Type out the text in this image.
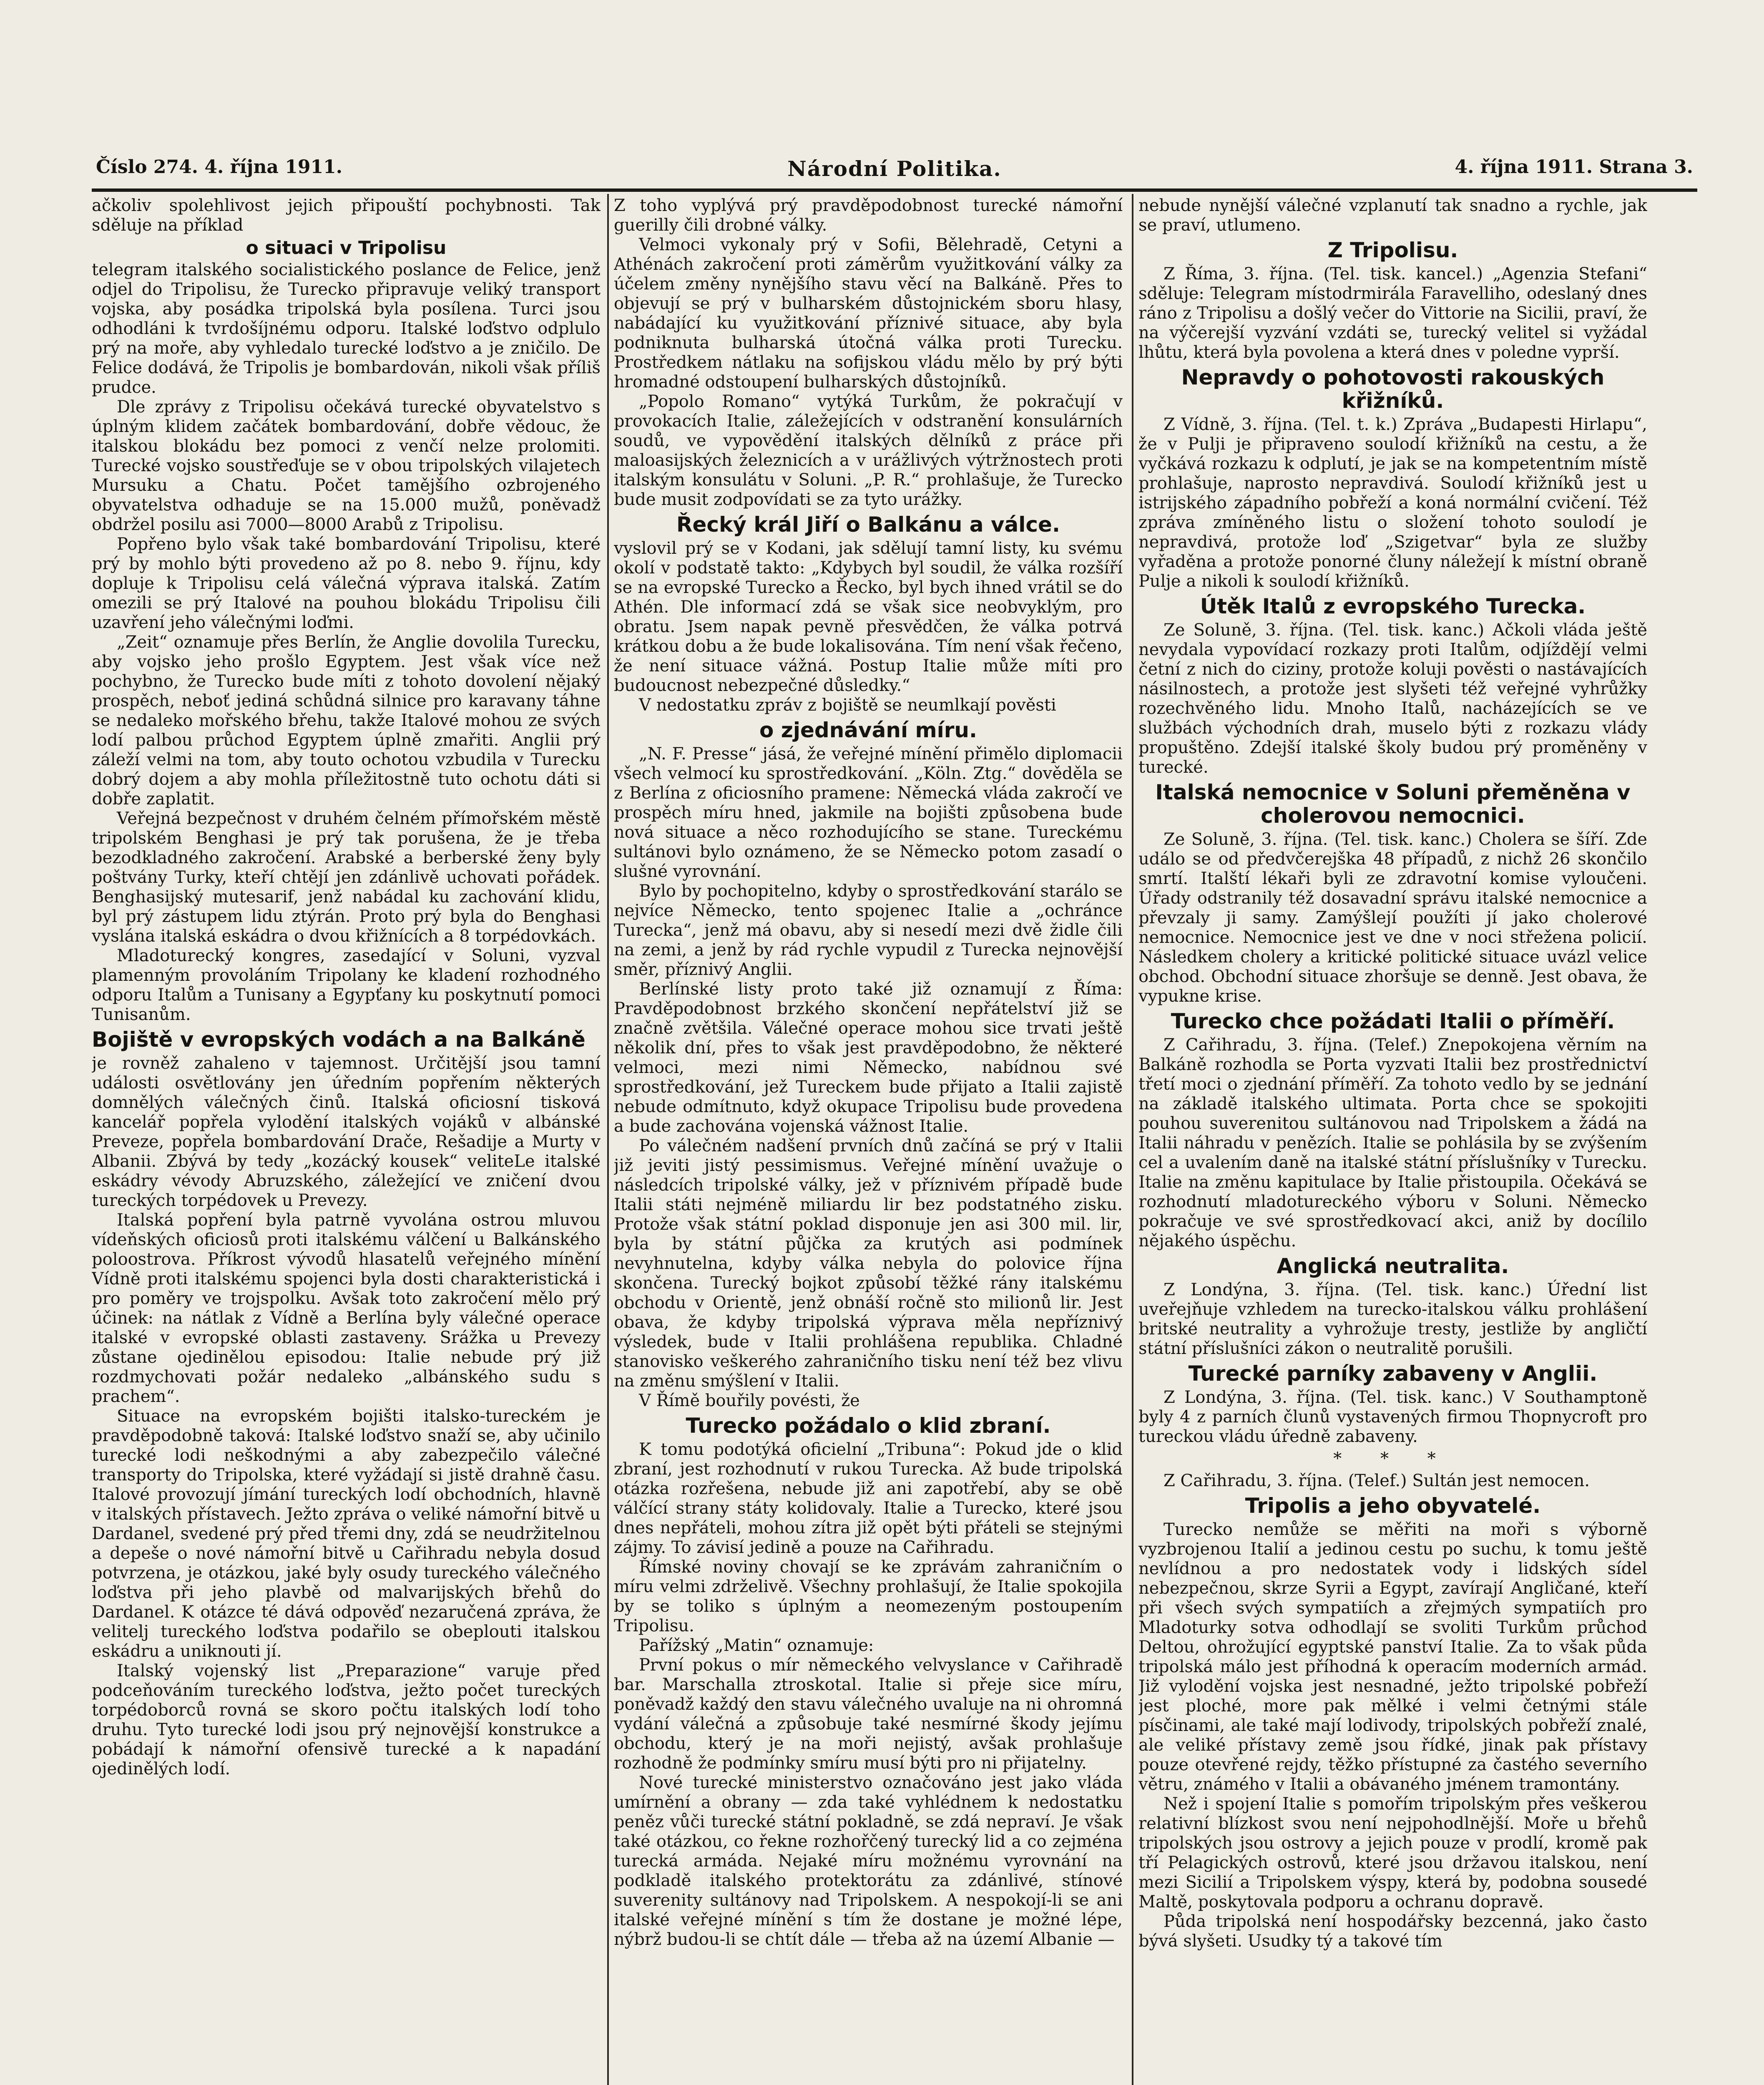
Číslo 274. 4. října 1911.	Národní Politika.	4. října 1911. Strana 3.

ačkoliv spolehlivost jejich připouští pochybnosti. Tak sděluje na příklad

o situaci v Tripolisu

telegram italského socialistického poslance de Felice, jenž odjel do Tripolisu, že Turecko připravuje veliký transport vojska, aby posádka tripolská byla posílena. Turci jsou odhodláni k tvrdošíjnému odporu. Italské loďstvo odplulo prý na moře, aby vyhledalo turecké loďstvo a je zničilo. De Felice dodává, že Tripolis je bombardován, nikoli však příliš prudce.

Dle zprávy z Tripolisu očekává turecké obyvatelstvo s úplným klidem začátek bombardování, dobře vědouc, že italskou blokádu bez pomoci z venčí nelze prolomiti. Turecké vojsko soustřeďuje se v obou tripolských vilajetech Mursuku a Chatu. Počet tamějšího ozbrojeného obyvatelstva odhaduje se na 15.000 mužů, poněvadž obdržel posilu asi 7000—8000 Arabů z Tripolisu.

Popřeno bylo však také bombardování Tripolisu, které prý by mohlo býti provedeno až po 8. nebo 9. říjnu, kdy dopluje k Tripolisu celá válečná výprava italská. Zatím omezili se prý Italové na pouhou blokádu Tripolisu čili uzavření jeho válečnými loďmi.

„Zeit“ oznamuje přes Berlín, že Anglie dovolila Turecku, aby vojsko jeho prošlo Egyptem. Jest však více než pochybno, že Turecko bude míti z tohoto dovolení nějaký prospěch, neboť jediná schůdná silnice pro karavany táhne se nedaleko mořského břehu, takže Italové mohou ze svých lodí palbou průchod Egyptem úplně zmařiti. Anglii prý záleží velmi na tom, aby touto ochotou vzbudila v Turecku dobrý dojem a aby mohla příležitostně tuto ochotu dáti si dobře zaplatit.

Veřejná bezpečnost v druhém čelném přímořském městě tripolském Benghasi je prý tak porušena, že je třeba bezodkladného zakročení. Arabské a berberské ženy byly poštvány Turky, kteří chtějí jen zdánlivě uchovati pořádek. Benghasijský mutesarif, jenž nabádal ku zachování klidu, byl prý zástupem lidu ztýrán. Proto prý byla do Benghasi vyslána italská eskádra o dvou křižnících a 8 torpédovkách.

Mladoturecký kongres, zasedající v Soluni, vyzval plamenným provoláním Tripolany ke kladení rozhodného odporu Italům a Tunisany a Egypťany ku poskytnutí pomoci Tunisanům.

Bojiště v evropských vodách a na Balkáně

je rovněž zahaleno v tajemnost. Určitější jsou tamní události osvětlovány jen úředním popřením některých domnělých válečných činů. Italská oficiosní tisková kancelář popřela vylodění italských vojáků v albánské Preveze, popřela bombardování Drače, Rešadije a Murty v Albanii. Zbývá by tedy „kozácký kousek“ veliteLe italské eskádry vévody Abruzského, záležející ve zničení dvou tureckých torpédovek u Prevezy.

Italská popření byla patrně vyvolána ostrou mluvou vídeňských oficiosů proti italskému válčení u Balkánského poloostrova. Příkrost vývodů hlasatelů veřejného mínění Vídně proti italskému spojenci byla dosti charakteristická i pro poměry ve trojspolku. Avšak toto zakročení mělo prý účinek: na nátlak z Vídně a Berlína byly válečné operace italské v evropské oblasti zastaveny. Srážka u Prevezy zůstane ojedinělou episodou: Italie nebude prý již rozdmychovati požár nedaleko „albánského sudu s prachem“.

Situace na evropském bojišti italsko-tureckém je pravděpodobně taková: Italské loďstvo snaží se, aby učinilo turecké lodi neškodnými a aby zabezpečilo válečné transporty do Tripolska, které vyžádají si jistě drahně času. Italové provozují jímání tureckých lodí obchodních, hlavně v italských přístavech. Ježto zpráva o veliké námořní bitvě u Dardanel, svedené prý před třemi dny, zdá se neudržitelnou a depeše o nové námořní bitvě u Cařihradu nebyla dosud potvrzena, je otázkou, jaké byly osudy tureckého válečného loďstva při jeho plavbě od malvarijských břehů do Dardanel. K otázce té dává odpověď nezaručená zpráva, že velitelj tureckého loďstva podařilo se obeplouti italskou eskádru a uniknouti jí.

Italský vojenský list „Preparazione“ varuje před podceňováním tureckého loďstva, ježto počet tureckých torpédoborců rovná se skoro počtu italských lodí toho druhu. Tyto turecké lodi jsou prý nejnovější konstrukce a pobádají k námořní ofensivě turecké a k napadání ojedinělých lodí.

Z toho vyplývá prý pravděpodobnost turecké námořní guerilly čili drobné války.

Velmoci vykonaly prý v Sofii, Bělehradě, Cetyni a Athénách zakročení proti záměrům využitkování války za účelem změny nynějšího stavu věcí na Balkáně. Přes to objevují se prý v bulharském důstojnickém sboru hlasy, nabádající ku využitkování příznivé situace, aby byla podniknuta bulharská útočná válka proti Turecku. Prostředkem nátlaku na sofijskou vládu mělo by prý býti hromadné odstoupení bulharských důstojníků.

„Popolo Romano“ vytýká Turkům, že pokračují v provokacích Italie, záležejících v odstranění konsulárních soudů, ve vypovědění italských dělníků z práce při maloasijských železnicích a v urážlivých výtržnostech proti italským konsulátu v Soluni. „P. R.“ prohlašuje, že Turecko bude musit zodpovídati se za tyto urážky.

Řecký král Jiří o Balkánu a válce.

vyslovil prý se v Kodani, jak sdělují tamní listy, ku svému okolí v podstatě takto: „Kdybych byl soudil, že válka rozšíří se na evropské Turecko a Řecko, byl bych ihned vrátil se do Athén. Dle informací zdá se však sice neobvyklým, pro obratu. Jsem napak pevně přesvědčen, že válka potrvá krátkou dobu a že bude lokalisována. Tím není však řečeno, že není situace vážná. Postup Italie může míti pro budoucnost nebezpečné důsledky.“

V nedostatku zpráv z bojiště se neumlkají pověsti

o zjednávání míru.

„N. F. Presse“ jásá, že veřejné mínění přimělo diplomacii všech velmocí ku sprostředkování. „Köln. Ztg.“ dověděla se z Berlína z oficiosního pramene: Německá vláda zakročí ve prospěch míru hned, jakmile na bojišti způsobena bude nová situace a něco rozhodujícího se stane. Tureckému sultánovi bylo oznámeno, že se Německo potom zasadí o slušné vyrovnání.

Bylo by pochopitelno, kdyby o sprostředkování starálo se nejvíce Německo, tento spojenec Italie a „ochránce Turecka“, jenž má obavu, aby si nesedí mezi dvě židle čili na zemi, a jenž by rád rychle vypudil z Turecka nejnovější směr, příznivý Anglii.

Berlínské listy proto také již oznamují z Říma: Pravděpodobnost brzkého skončení nepřátelství již se značně zvětšila. Válečné operace mohou sice trvati ještě několik dní, přes to však jest pravděpodobno, že některé velmoci, mezi nimi Německo, nabídnou své sprostředkování, jež Tureckem bude přijato a Italii zajistě nebude odmítnuto, když okupace Tripolisu bude provedena a bude zachována vojenská vážnost Italie.

Po válečném nadšení prvních dnů začíná se prý v Italii již jeviti jistý pessimismus. Veřejné mínění uvažuje o následcích tripolské války, jež v příznivém případě bude Italii státi nejméně miliardu lir bez podstatného zisku. Protože však státní poklad disponuje jen asi 300 mil. lir, byla by státní půjčka za krutých asi podmínek nevyhnutelna, kdyby válka nebyla do polovice října skončena. Turecký bojkot způsobí těžké rány italskému obchodu v Orientě, jenž obnáší ročně sto milionů lir. Jest obava, že kdyby tripolská výprava měla nepříznivý výsledek, bude v Italii prohlášena republika. Chladné stanovisko veškerého zahraničního tisku není též bez vlivu na změnu smýšlení v Italii.

V Římě bouřily povésti, že

Turecko požádalo o klid zbraní.

K tomu podotýká oficielní „Tribuna“: Pokud jde o klid zbraní, jest rozhodnutí v rukou Turecka. Až bude tripolská otázka rozřešena, nebude již ani zapotřebí, aby se obě válčící strany státy kolidovaly. Italie a Turecko, které jsou dnes nepřáteli, mohou zítra již opět býti přáteli se stejnými zájmy. To závisí jedině a pouze na Cařihradu.

Římské noviny chovají se ke zprávám zahraničním o míru velmi zdrželivě. Všechny prohlašují, že Italie spokojila by se toliko s úplným a neomezeným postoupením Tripolisu.

Pařížský „Matin“ oznamuje:

První pokus o mír německého velvyslance v Cařihradě bar. Marschalla ztroskotal. Italie si přeje sice míru, poněvadž každý den stavu válečného uvaluje na ni ohromná vydání válečná a způsobuje také nesmírné škody jejímu obchodu, který je na moři nejistý, avšak prohlašuje rozhodně že podmínky smíru musí býti pro ni přijatelny.

Nové turecké ministerstvo označováno jest jako vláda umírnění a obrany — zda také vyhlédnem k nedostatku peněz vůči turecké státní pokladně, se zdá nepraví. Je však také otázkou, co řekne rozhořčený turecký lid a co zejména turecká armáda. Nejaké míru možnému vyrovnání na podkladě italského protektorátu za zdánlivé, stínové suverenity sultánovy nad Tripolskem. A nespokojí-li se ani italské veřejné mínění s tím že dostane je možné lépe, nýbrž budou-li se chtít dále — třeba až na území Albanie —

nebude nynější válečné vzplanutí tak snadno a rychle, jak se praví, utlumeno.

Z Tripolisu.

Z Říma, 3. října. (Tel. tisk. kancel.) „Agenzia Stefani“ sděluje: Telegram místodrmirála Faravelliho, odeslaný dnes ráno z Tripolisu a došlý večer do Vittorie na Sicilii, praví, že na výčerejší vyzvání vzdáti se, turecký velitel si vyžádal lhůtu, která byla povolena a která dnes v poledne vyprší.

Nepravdy o pohotovosti rakouských křižníků.

Z Vídně, 3. října. (Tel. t. k.) Zpráva „Budapesti Hirlapu“, že v Pulji je připraveno soulodí křižníků na cestu, a že vyčkává rozkazu k odplutí, je jak se na kompetentním místě prohlašuje, naprosto nepravdivá. Soulodí křižníků jest u istrijského západního pobřeží a koná normální cvičení. Též zpráva zmíněného listu o složení tohoto soulodí je nepravdivá, protože loď „Szigetvar“ byla ze služby vyřaděna a protože ponorné čluny náležejí k místní obraně Pulje a nikoli k soulodí křižníků.

Útěk Italů z evropského Turecka.

Ze Soluně, 3. října. (Tel. tisk. kanc.) Ačkoli vláda ještě nevydala vypovídací rozkazy proti Italům, odjíždějí velmi četní z nich do ciziny, protože koluji pověsti o nastávajících násilnostech, a protože jest slyšeti též veřejné vyhrůžky rozechvěného lidu. Mnoho Italů, nacházejících se ve službách východních drah, muselo býti z rozkazu vlády propuštěno. Zdejší italské školy budou prý proměněny v turecké.

Italská nemocnice v Soluni přeměněna v cholerovou nemocnici.

Ze Soluně, 3. října. (Tel. tisk. kanc.) Cholera se šíří. Zde událo se od předvčerejška 48 případů, z nichž 26 skončilo smrtí. Italští lékaři byli ze zdravotní komise vyloučeni. Úřady odstranily též dosavadní správu italské nemocnice a převzaly ji samy. Zamýšlejí použíti jí jako cholerové nemocnice. Nemocnice jest ve dne v noci střežena policií. Následkem cholery a kritické politické situace uvázl velice obchod. Obchodní situace zhoršuje se denně. Jest obava, že vypukne krise.

Turecko chce požádati Italii o příměří.

Z Cařihradu, 3. října. (Telef.) Znepokojena věrním na Balkáně rozhodla se Porta vyzvati Italii bez prostřednictví třetí moci o zjednání příměří. Za tohoto vedlo by se jednání na základě italského ultimata. Porta chce se spokojiti pouhou suverenitou sultánovou nad Tripolskem a žádá na Italii náhradu v penězích. Italie se pohlásila by se zvýšením cel a uvalením daně na italské státní příslušníky v Turecku. Italie na změnu kapitulace by Italie přistoupila. Očekává se rozhodnutí mladotureckého výboru v Soluni. Německo pokračuje ve své sprostředkovací akci, aniž by docílilo nějakého úspěchu.

Anglická neutralita.

Z Londýna, 3. října. (Tel. tisk. kanc.) Úřední list uveřejňuje vzhledem na turecko-italskou válku prohlášení britské neutrality a vyhrožuje tresty, jestliže by angličtí státní příslušníci zákon o neutralitě porušili.

Turecké parníky zabaveny v Anglii.

Z Londýna, 3. října. (Tel. tisk. kanc.) V Southamptoně byly 4 z parních člunů vystavených firmou Thopnycroft pro tureckou vládu úředně zabaveny.

* * *

Z Cařihradu, 3. října. (Telef.) Sultán jest nemocen.

Tripolis a jeho obyvatelé.

Turecko nemůže se měřiti na moři s výborně vyzbrojenou Italií a jedinou cestu po suchu, k tomu ještě nevlídnou a pro nedostatek vody i lidských sídel nebezpečnou, skrze Syrii a Egypt, zavírají Angličané, kteří při všech svých sympatiích a zřejmých sympatiích pro Mladoturky sotva odhodlají se svoliti Turkům průchod Deltou, ohrožující egyptské panství Italie. Za to však půda tripolská málo jest příhodná k operacím moderních armád. Již vylodění vojska jest nesnadné, ježto tripolské pobřeží jest ploché, more pak mělké i velmi četnými stále písčinami, ale také mají lodivody, tripolských pobřeží znalé, ale veliké přístavy země jsou řídké, jinak pak přístavy pouze otevřené rejdy, těžko přístupné za častého severního větru, známého v Italii a obávaného jménem tramontány.

Než i spojení Italie s pomořím tripolským přes veškerou relativní blízkost svou není nejpohodlnější. Moře u břehů tripolských jsou ostrovy a jejich pouze v prodlí, kromě pak tří Pelagických ostrovů, které jsou državou italskou, není mezi Sicilií a Tripolskem výspy, která by, podobna sousedé Maltě, poskytovala podporu a ochranu dopravě.

Půda tripolská není hospodářsky bezcenná, jako často bývá slyšeti. Usudky tý a takové tím
